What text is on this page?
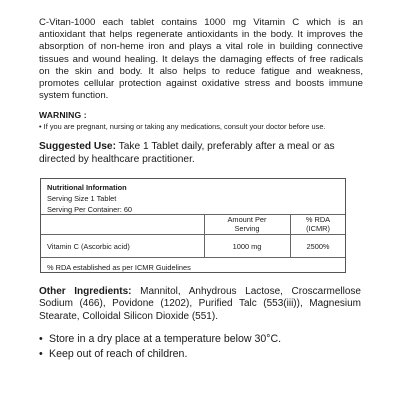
C-Vitan-1000 each tablet contains 1000 mg Vitamin C which is an antioxidant that helps regenerate antioxidants in the body. It improves the absorption of non-heme iron and plays a vital role in building connective tissues and wound healing. It delays the damaging effects of free radicals on the skin and body. It also helps to reduce fatigue and weakness, promotes cellular protection against oxidative stress and boosts immune system function.

WARNING :
• If you are pregnant, nursing or taking any medications, consult your doctor before use.

Suggested Use: Take 1 Tablet daily, preferably after a meal or as directed by healthcare practitioner.

Nutritional Information
Serving Size 1 Tablet
Serving Per Container: 60
Amount Per
Serving
% RDA
(ICMR)
Vitamin C (Ascorbic acid)	1000 mg	2500%
% RDA established as per ICMR Guidelines

Other Ingredients: Mannitol, Anhydrous Lactose, Croscarmellose Sodium (466), Povidone (1202), Purified Talc (553(iii)), Magnesium Stearate, Colloidal Silicon Dioxide (551).

• Store in a dry place at a temperature below 30°C.
• Keep out of reach of children.
